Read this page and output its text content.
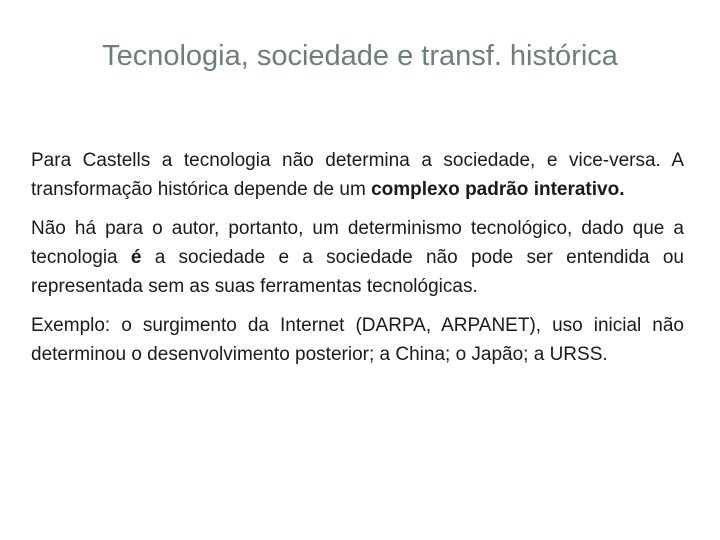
Tecnologia, sociedade e transf. histórica

Para Castells a tecnologia não determina a sociedade, e vice-versa. A transformação histórica depende de um complexo padrão interativo.

Não há para o autor, portanto, um determinismo tecnológico, dado que a tecnologia é a sociedade e a sociedade não pode ser entendida ou representada sem as suas ferramentas tecnológicas.

Exemplo: o surgimento da Internet (DARPA, ARPANET), uso inicial não determinou o desenvolvimento posterior; a China; o Japão; a URSS.
